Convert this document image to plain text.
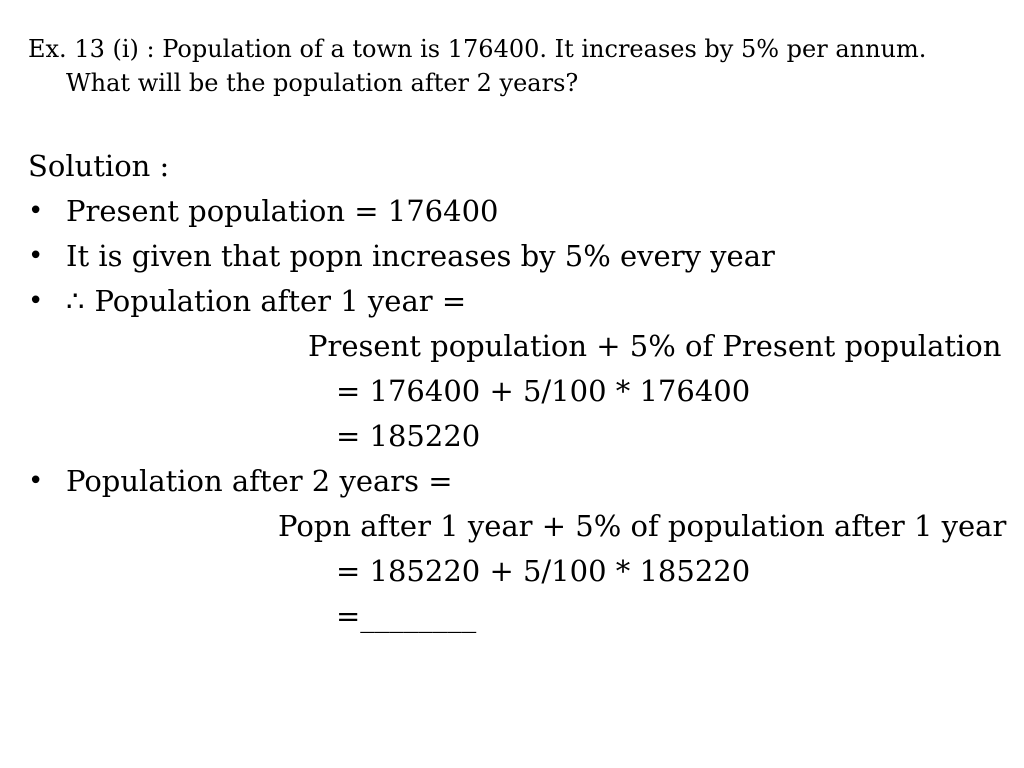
Ex. 13 (i) : Population of a town is 176400. It increases by 5% per annum. What will be the population after 2 years?
Solution :
• Present population = 176400
• It is given that popn increases by 5% every year
• ∴ Population after 1 year =
Present population + 5% of Present population
= 176400 + 5/100 * 176400
= 185220
• Population after 2 years =
Popn after 1 year + 5% of population after 1 year
= 185220 + 5/100 * 185220
=________
